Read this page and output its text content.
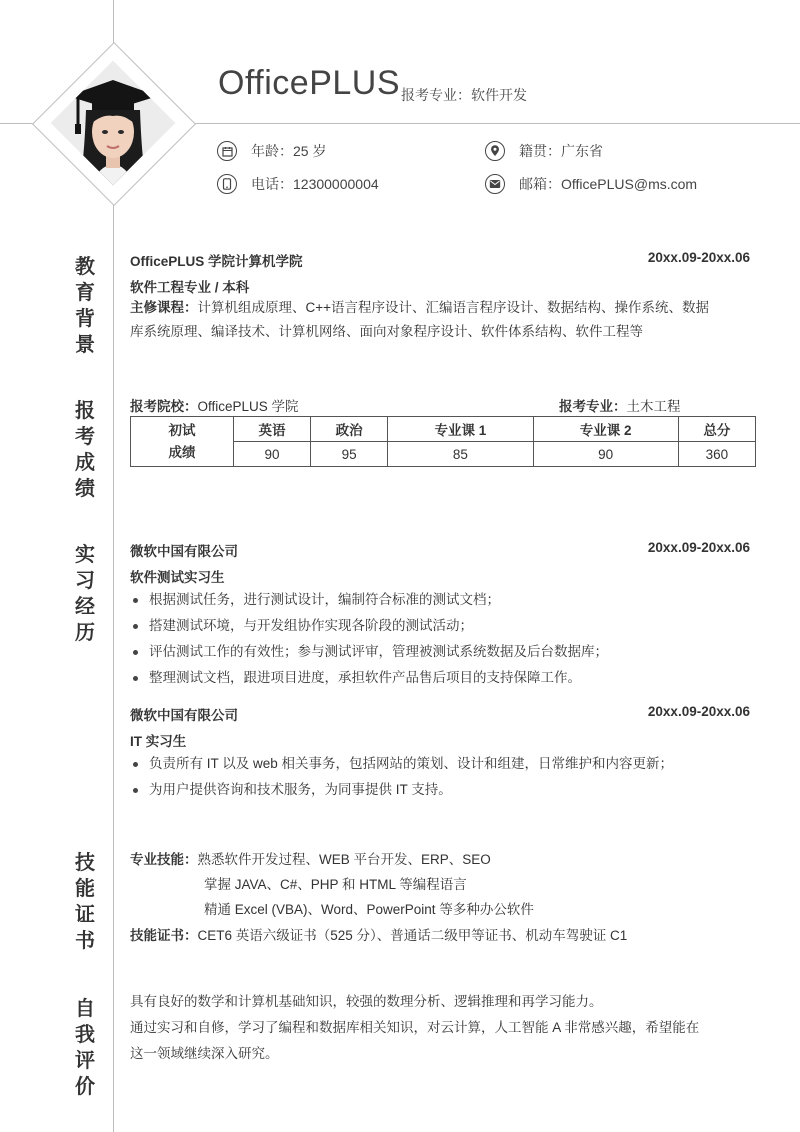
OfficePLUS 报考专业：软件开发
年龄：25 岁
电话：12300000004
籍贯：广东省
邮箱：OfficePLUS@ms.com
教
育
背
景
报
考
成
绩
实
习
经
历
技
能
证
书
自
我
评
价
OfficePLUS 学院计算机学院	20xx.09-20xx.06
软件工程专业 / 本科
主修课程：计算机组成原理、C++语言程序设计、汇编语言程序设计、数据结构、操作系统、数据
库系统原理、编译技术、计算机网络、面向对象程序设计、软件体系结构、软件工程等
报考院校：OfficePLUS 学院	报考专业：土木工程
初试
成绩	英语	政治	专业课 1	专业课 2	总分
	90	95	85	90	360
微软中国有限公司	20xx.09-20xx.06
软件测试实习生
根据测试任务，进行测试设计，编制符合标准的测试文档；
搭建测试环境，与开发组协作实现各阶段的测试活动；
评估测试工作的有效性；参与测试评审，管理被测试系统数据及后台数据库；
整理测试文档，跟进项目进度，承担软件产品售后项目的支持保障工作。
微软中国有限公司	20xx.09-20xx.06
IT 实习生
负责所有 IT 以及 web 相关事务，包括网站的策划、设计和组建，日常维护和内容更新；
为用户提供咨询和技术服务，为同事提供 IT 支持。
专业技能：熟悉软件开发过程、WEB 平台开发、ERP、SEO
掌握 JAVA、C#、PHP 和 HTML 等编程语言
精通 Excel (VBA)、Word、PowerPoint 等多种办公软件
技能证书：CET6 英语六级证书（525 分）、普通话二级甲等证书、机动车驾驶证 C1
具有良好的数学和计算机基础知识，较强的数理分析、逻辑推理和再学习能力。
通过实习和自修，学习了编程和数据库相关知识，对云计算，人工智能 A 非常感兴趣，希望能在
这一领域继续深入研究。
